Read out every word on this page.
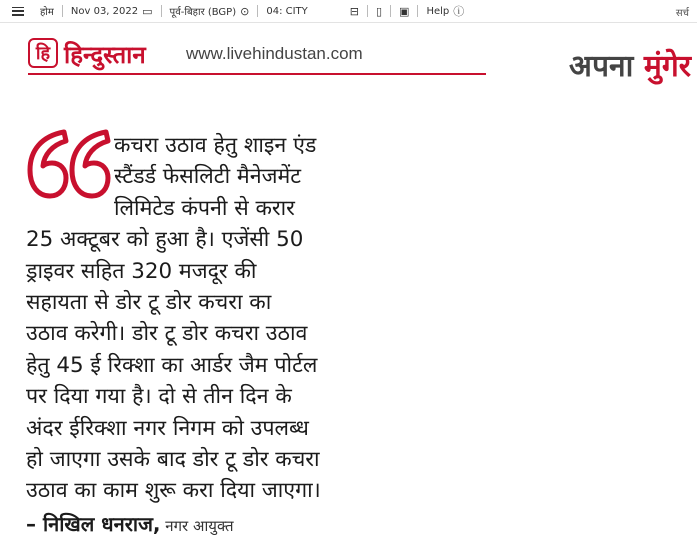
होम Nov 03, 2022 ▭ पूर्व-बिहार (BGP) ⊙ 04: CITY	⊟ ▯ ▣ Help ⓘ	सर्च
हि हिन्दुस्तान www.livehindustan.com	अपना मुंगेर
कचरा उठाव हेतु शाइन एंड
स्टैंडर्ड फेसलिटी मैनेजमेंट
लिमिटेड कंपनी से करार
25 अक्टूबर को हुआ है। एजेंसी 50
ड्राइवर सहित 320 मजदूर की
सहायता से डोर टू डोर कचरा का
उठाव करेगी। डोर टू डोर कचरा उठाव
हेतु 45 ई रिक्शा का आर्डर जैम पोर्टल
पर दिया गया है। दो से तीन दिन के
अंदर ईरिक्शा नगर निगम को उपलब्ध
हो जाएगा उसके बाद डोर टू डोर कचरा
उठाव का काम शुरू करा दिया जाएगा।
– निखिल धनराज, नगर आयुक्त
